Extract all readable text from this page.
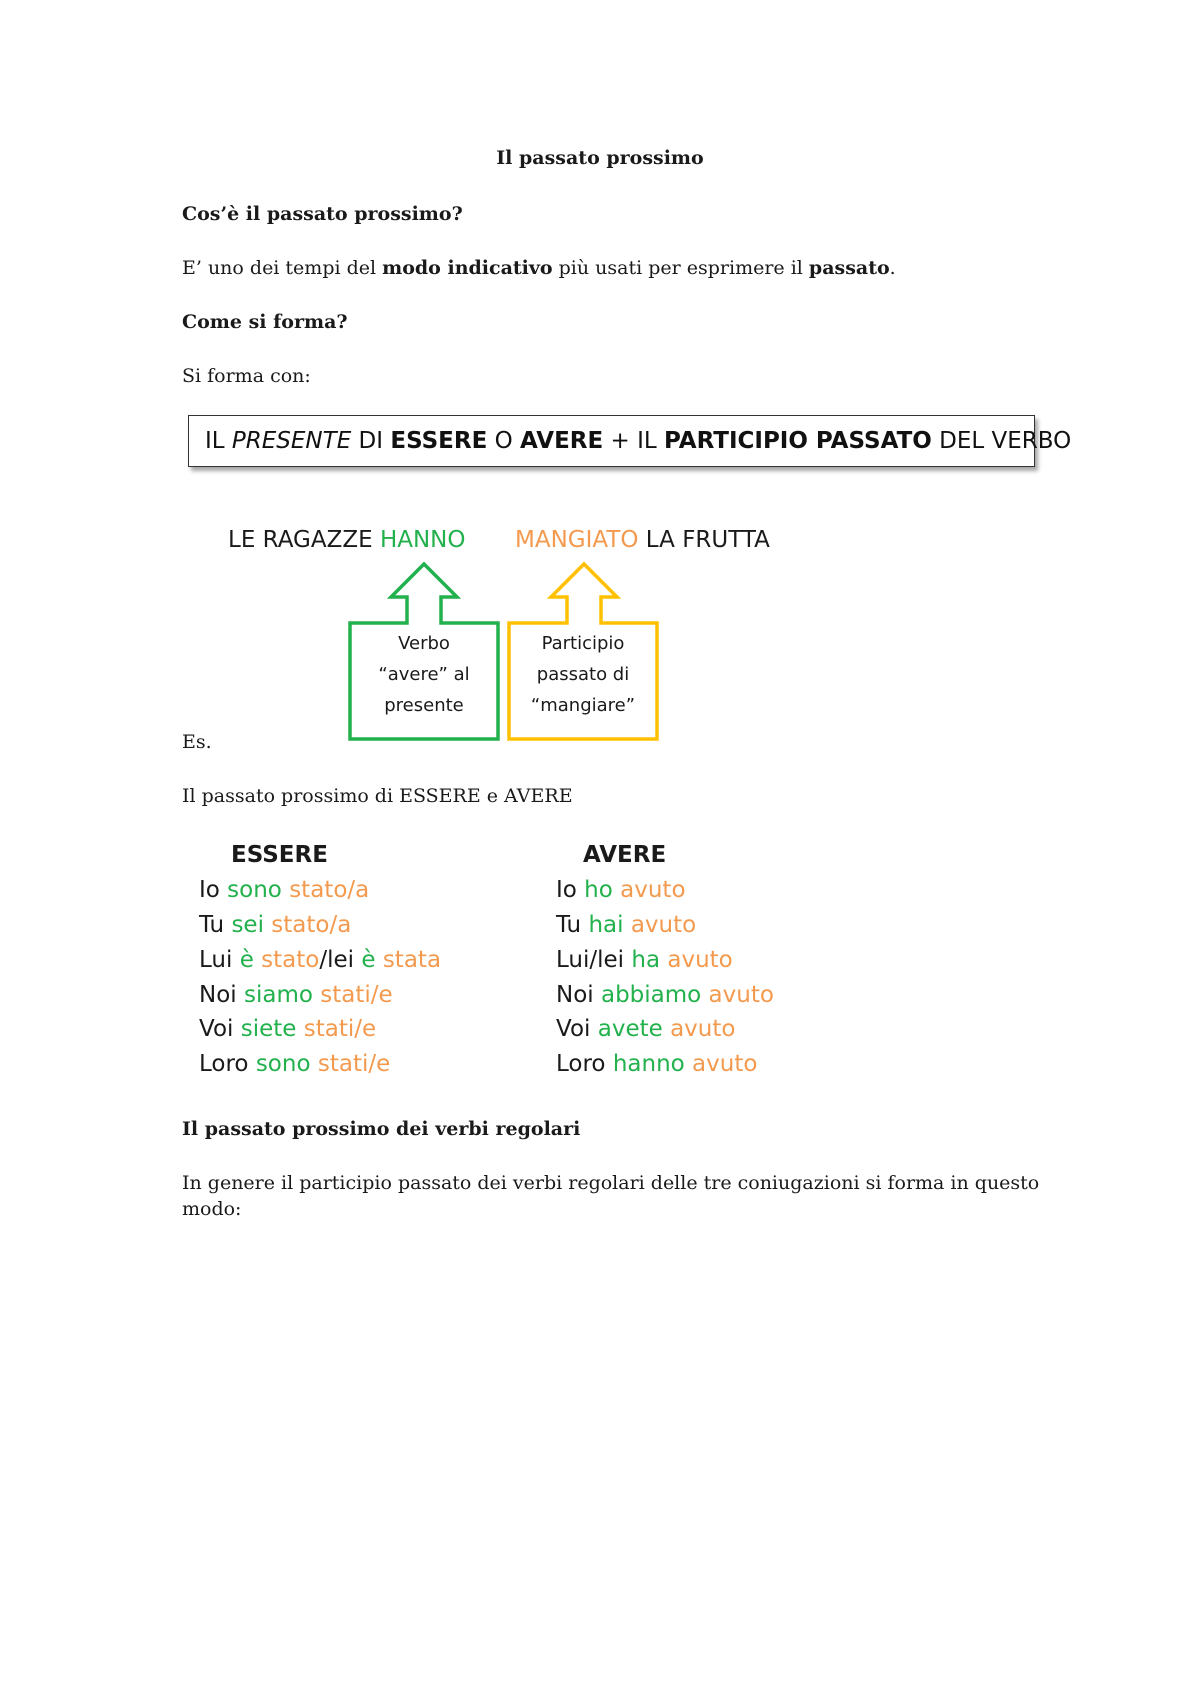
Il passato prossimo
Cos’è il passato prossimo?
E’ uno dei tempi del modo indicativo più usati per esprimere il passato.
Come si forma?
Si forma con:
IL PRESENTE DI ESSERE O AVERE + IL PARTICIPIO PASSATO DEL VERBO
LE RAGAZZE HANNO MANGIATO LA FRUTTA
Verbo
“avere” al
presente
Participio
passato di
“mangiare”
Es.
Il passato prossimo di ESSERE e AVERE
ESSERE
Io sono stato/a
Tu sei stato/a
Lui è stato/lei è stata
Noi siamo stati/e
Voi siete stati/e
Loro sono stati/e
AVERE
Io ho avuto
Tu hai avuto
Lui/lei ha avuto
Noi abbiamo avuto
Voi avete avuto
Loro hanno avuto
Il passato prossimo dei verbi regolari
In genere il participio passato dei verbi regolari delle tre coniugazioni si forma in questo
modo:
